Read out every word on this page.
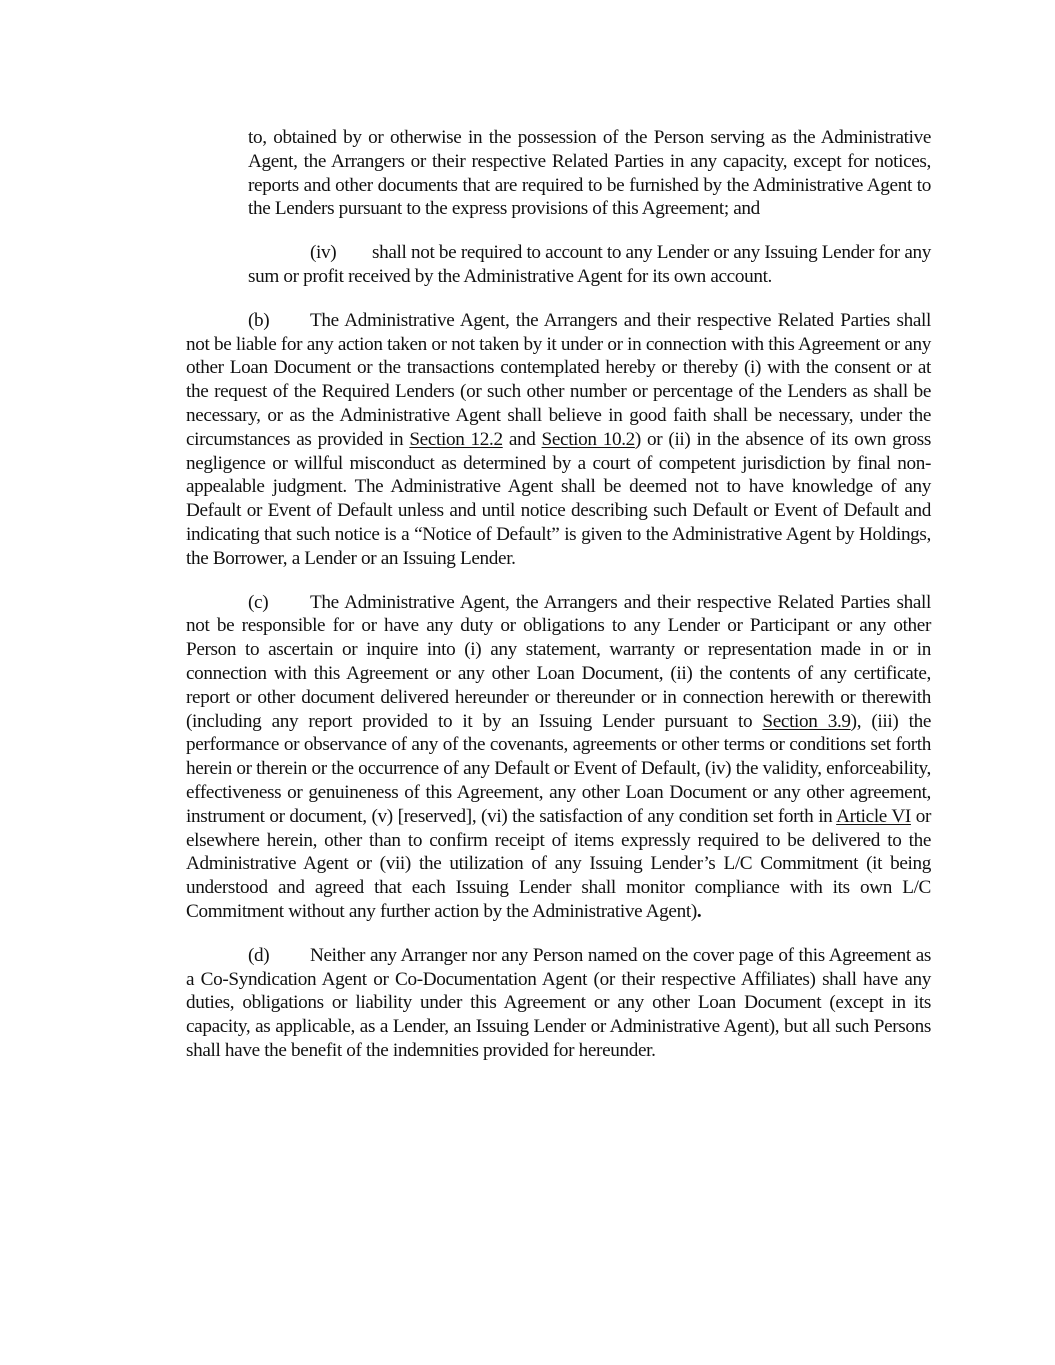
to, obtained by or otherwise in the possession of the Person serving as the Administrative Agent, the Arrangers or their respective Related Parties in any capacity, except for notices, reports and other documents that are required to be furnished by the Administrative Agent to the Lenders pursuant to the express provisions of this Agreement; and

(iv) shall not be required to account to any Lender or any Issuing Lender for any sum or profit received by the Administrative Agent for its own account.

(b) The Administrative Agent, the Arrangers and their respective Related Parties shall not be liable for any action taken or not taken by it under or in connection with this Agreement or any other Loan Document or the transactions contemplated hereby or thereby (i) with the consent or at the request of the Required Lenders (or such other number or percentage of the Lenders as shall be necessary, or as the Administrative Agent shall believe in good faith shall be necessary, under the circumstances as provided in Section 12.2 and Section 10.2) or (ii) in the absence of its own gross negligence or willful misconduct as determined by a court of competent jurisdiction by final non-appealable judgment. The Administrative Agent shall be deemed not to have knowledge of any Default or Event of Default unless and until notice describing such Default or Event of Default and indicating that such notice is a “Notice of Default” is given to the Administrative Agent by Holdings, the Borrower, a Lender or an Issuing Lender.

(c) The Administrative Agent, the Arrangers and their respective Related Parties shall not be responsible for or have any duty or obligations to any Lender or Participant or any other Person to ascertain or inquire into (i) any statement, warranty or representation made in or in connection with this Agreement or any other Loan Document, (ii) the contents of any certificate, report or other document delivered hereunder or thereunder or in connection herewith or therewith (including any report provided to it by an Issuing Lender pursuant to Section 3.9), (iii) the performance or observance of any of the covenants, agreements or other terms or conditions set forth herein or therein or the occurrence of any Default or Event of Default, (iv) the validity, enforceability, effectiveness or genuineness of this Agreement, any other Loan Document or any other agreement, instrument or document, (v) [reserved], (vi) the satisfaction of any condition set forth in Article VI or elsewhere herein, other than to confirm receipt of items expressly required to be delivered to the Administrative Agent or (vii) the utilization of any Issuing Lender’s L/C Commitment (it being understood and agreed that each Issuing Lender shall monitor compliance with its own L/C Commitment without any further action by the Administrative Agent).

(d) Neither any Arranger nor any Person named on the cover page of this Agreement as a Co-Syndication Agent or Co-Documentation Agent (or their respective Affiliates) shall have any duties, obligations or liability under this Agreement or any other Loan Document (except in its capacity, as applicable, as a Lender, an Issuing Lender or Administrative Agent), but all such Persons shall have the benefit of the indemnities provided for hereunder.
